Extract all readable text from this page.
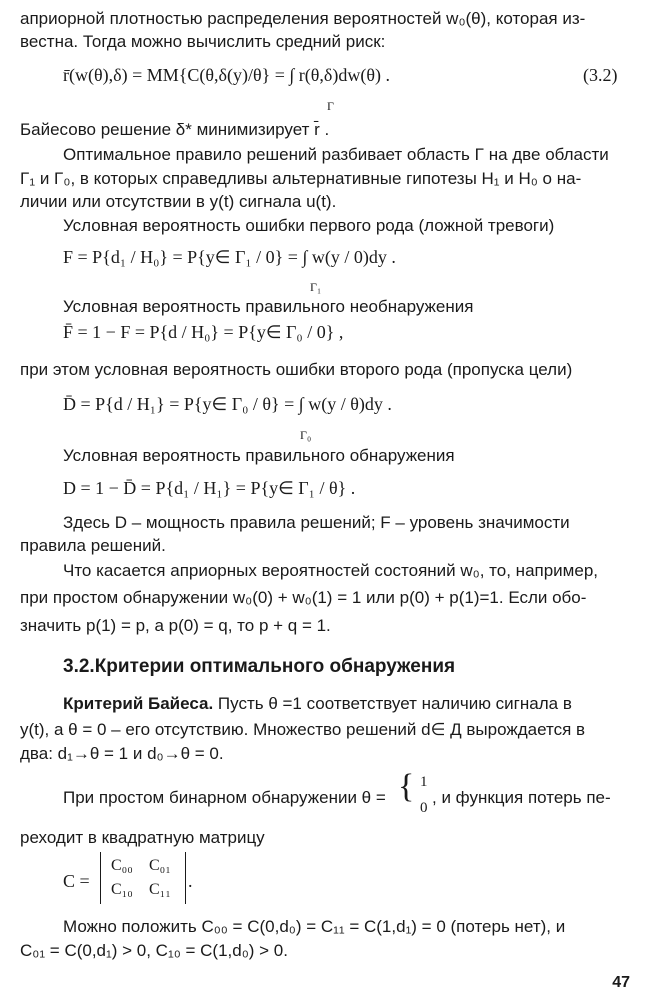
априорной плотностью распределения вероятностей w₀(θ), которая из-
вестна. Тогда можно вычислить средний риск:
r̄(w(θ),δ) = MM{C(θ,δ(y)/θ} = ∫ r(θ,δ)dw(θ) .
Γ
(3.2)
Байесово решение δ* минимизирует r̄ .
Оптимальное правило решений разбивает область Γ на две области
Γ₁ и Γ₀, в которых справедливы альтернативные гипотезы H₁ и H₀ о на-
личии или отсутствии в y(t) сигнала u(t).
Условная вероятность ошибки первого рода (ложной тревоги)
F = P{d₁ / H₀} = P{y∈ Γ₁ / 0} = ∫ w(y / 0)dy .
Γ₁
Условная вероятность правильного необнаружения
F̄ = 1 − F = P{d / H₀} = P{y∈ Γ₀ / 0} ,
при этом условная вероятность ошибки второго рода (пропуска цели)
D̄ = P{d / H₁} = P{y∈ Γ₀ / θ} = ∫ w(y / θ)dy .
Γ₀
Условная вероятность правильного обнаружения
D = 1 − D̄ = P{d₁ / H₁} = P{y∈ Γ₁ / θ} .
Здесь D – мощность правила решений; F – уровень значимости
правила решений.
Что касается априорных вероятностей состояний w₀, то, например,
при простом обнаружении w₀(0) + w₀(1) = 1 или p(0) + p(1)=1. Если обо-
значить p(1) = p, а p(0) = q, то p + q = 1.
3.2.Критерии оптимального обнаружения
Критерий Байеса. Пусть θ =1 соответствует наличию сигнала в
y(t), а θ = 0 – его отсутствию. Множество решений d∈ Д вырождается в
два: d₁→θ = 1 и d₀→θ = 0.
При простом бинарном обнаружении θ = { 1
0
, и функция потерь пе-
реходит в квадратную матрицу
C =
C₀₀ C₀₁
C₁₀ C₁₁ .
Можно положить C₀₀ = C(0,d₀) = C₁₁ = C(1,d₁) = 0 (потерь нет), и
C₀₁ = C(0,d₁) > 0, C₁₀ = C(1,d₀) > 0.
47
